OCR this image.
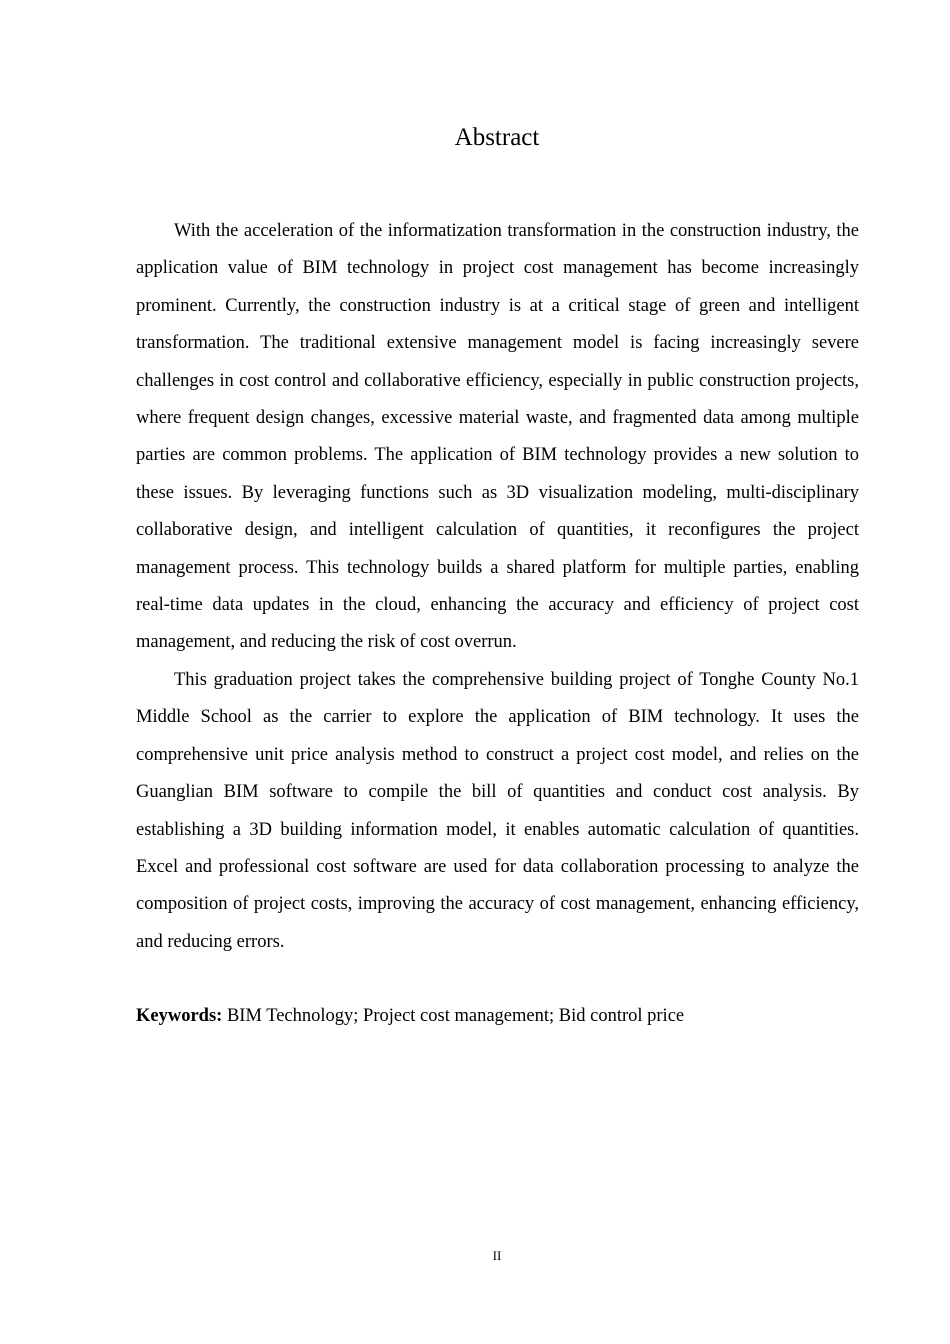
Abstract

With the acceleration of the informatization transformation in the construction industry, the application value of BIM technology in project cost management has become increasingly prominent. Currently, the construction industry is at a critical stage of green and intelligent transformation. The traditional extensive management model is facing increasingly severe challenges in cost control and collaborative efficiency, especially in public construction projects, where frequent design changes, excessive material waste, and fragmented data among multiple parties are common problems. The application of BIM technology provides a new solution to these issues. By leveraging functions such as 3D visualization modeling, multi-disciplinary collaborative design, and intelligent calculation of quantities, it reconfigures the project management process. This technology builds a shared platform for multiple parties, enabling real-time data updates in the cloud, enhancing the accuracy and efficiency of project cost management, and reducing the risk of cost overrun.

This graduation project takes the comprehensive building project of Tonghe County No.1 Middle School as the carrier to explore the application of BIM technology. It uses the comprehensive unit price analysis method to construct a project cost model, and relies on the Guanglian BIM software to compile the bill of quantities and conduct cost analysis. By establishing a 3D building information model, it enables automatic calculation of quantities. Excel and professional cost software are used for data collaboration processing to analyze the composition of project costs, improving the accuracy of cost management, enhancing efficiency, and reducing errors.

Keywords: BIM Technology; Project cost management; Bid control price

II
